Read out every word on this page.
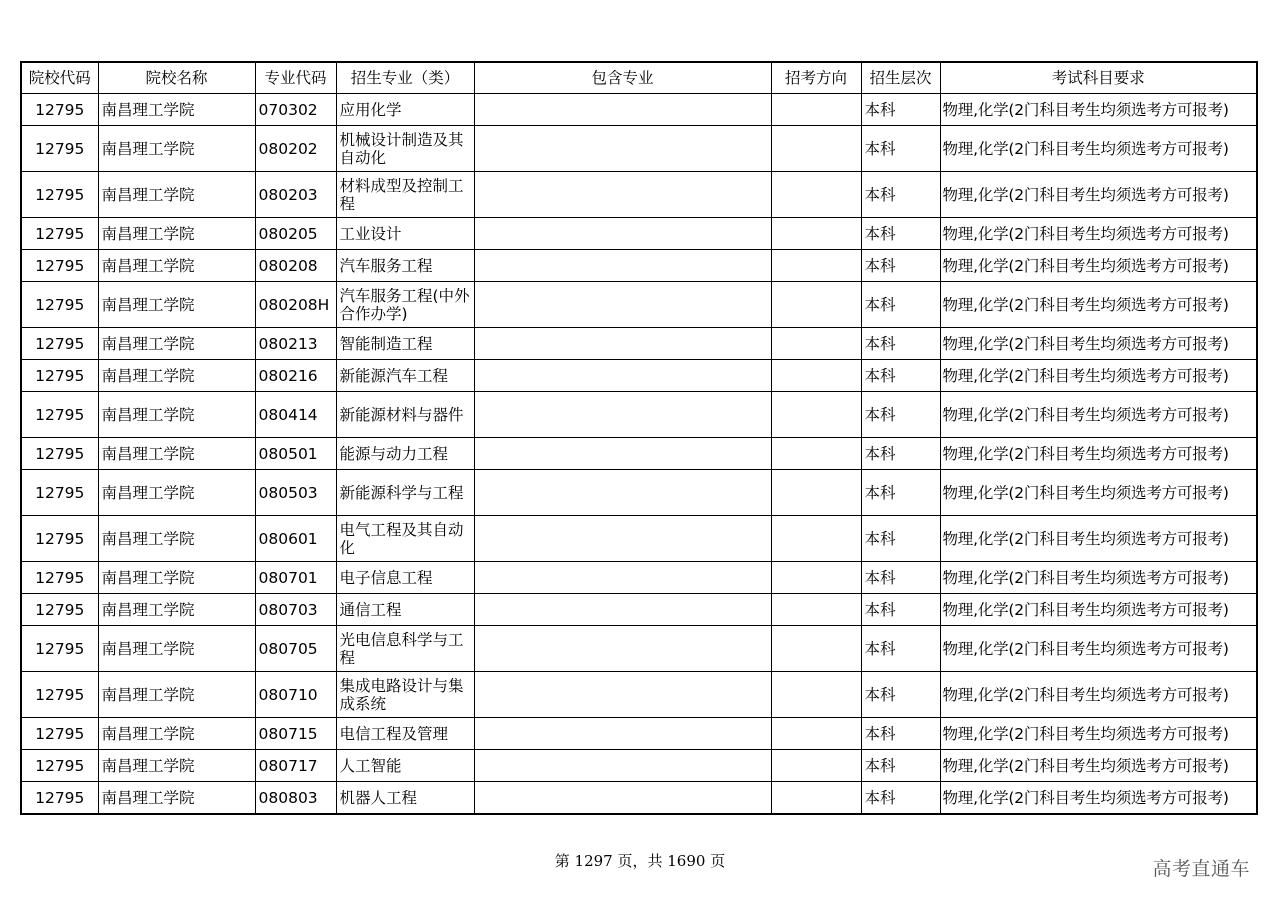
院校代码	院校名称	专业代码	招生专业（类）	包含专业	招考方向	招生层次	考试科目要求
12795	南昌理工学院	070302	应用化学			本科	物理,化学(2门科目考生均须选考方可报考)
12795	南昌理工学院	080202	机械设计制造及其自动化			本科	物理,化学(2门科目考生均须选考方可报考)
12795	南昌理工学院	080203	材料成型及控制工程			本科	物理,化学(2门科目考生均须选考方可报考)
12795	南昌理工学院	080205	工业设计			本科	物理,化学(2门科目考生均须选考方可报考)
12795	南昌理工学院	080208	汽车服务工程			本科	物理,化学(2门科目考生均须选考方可报考)
12795	南昌理工学院	080208H	汽车服务工程(中外合作办学)			本科	物理,化学(2门科目考生均须选考方可报考)
12795	南昌理工学院	080213	智能制造工程			本科	物理,化学(2门科目考生均须选考方可报考)
12795	南昌理工学院	080216	新能源汽车工程			本科	物理,化学(2门科目考生均须选考方可报考)
12795	南昌理工学院	080414	新能源材料与器件			本科	物理,化学(2门科目考生均须选考方可报考)
12795	南昌理工学院	080501	能源与动力工程			本科	物理,化学(2门科目考生均须选考方可报考)
12795	南昌理工学院	080503	新能源科学与工程			本科	物理,化学(2门科目考生均须选考方可报考)
12795	南昌理工学院	080601	电气工程及其自动化			本科	物理,化学(2门科目考生均须选考方可报考)
12795	南昌理工学院	080701	电子信息工程			本科	物理,化学(2门科目考生均须选考方可报考)
12795	南昌理工学院	080703	通信工程			本科	物理,化学(2门科目考生均须选考方可报考)
12795	南昌理工学院	080705	光电信息科学与工程			本科	物理,化学(2门科目考生均须选考方可报考)
12795	南昌理工学院	080710	集成电路设计与集成系统			本科	物理,化学(2门科目考生均须选考方可报考)
12795	南昌理工学院	080715	电信工程及管理			本科	物理,化学(2门科目考生均须选考方可报考)
12795	南昌理工学院	080717	人工智能			本科	物理,化学(2门科目考生均须选考方可报考)
12795	南昌理工学院	080803	机器人工程			本科	物理,化学(2门科目考生均须选考方可报考)
第 1297 页，共 1690 页	高考直通车
